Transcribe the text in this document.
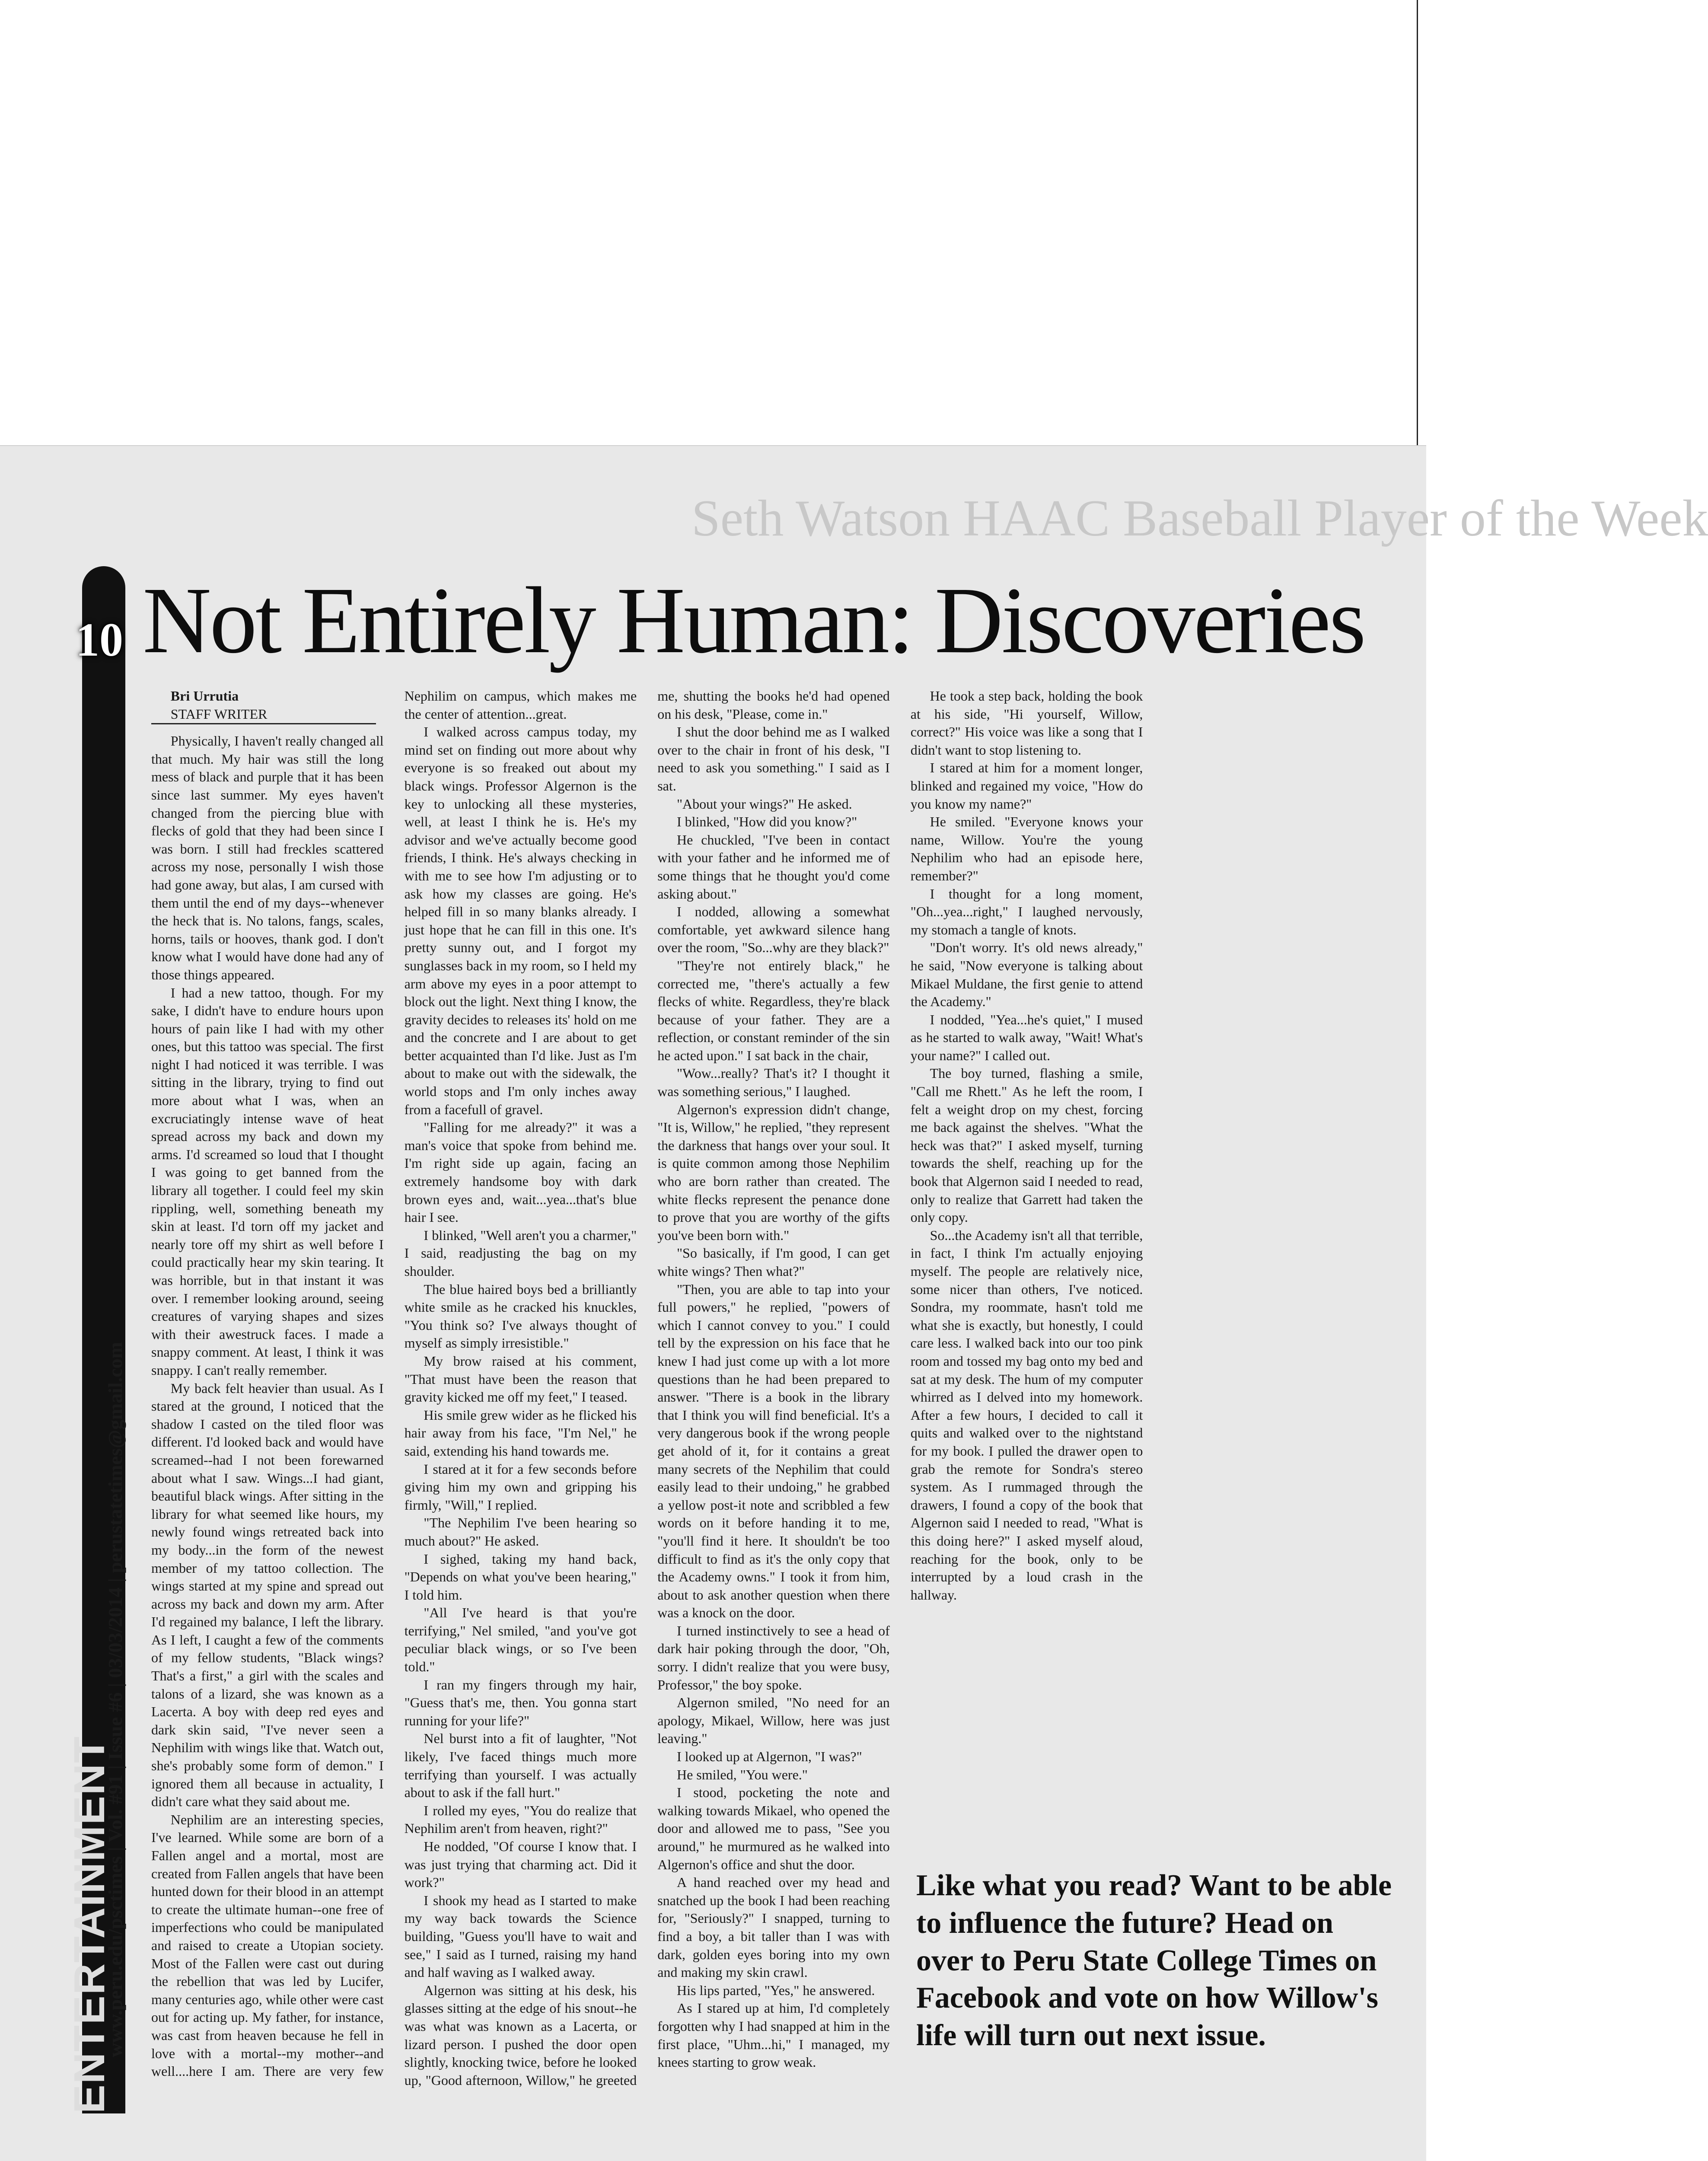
Seth Watson HAAC Baseball Player of the Week
10
ENTERTAINMENT
www.peru.edu/psctimes | Vol. #91 | Issue #6 | 03/03/2014 | perustatetimes@gmail.com
Not Entirely Human: Discoveries

Bri Urrutia

STAFF WRITER

Physically, I haven't really changed all that much. My hair was still the long mess of black and purple that it has been since last summer. My eyes haven't changed from the piercing blue with flecks of gold that they had been since I was born. I still had freckles scattered across my nose, personally I wish those had gone away, but alas, I am cursed with them until the end of my days--whenever the heck that is. No talons, fangs, scales, horns, tails or hooves, thank god. I don't know what I would have done had any of those things appeared.

I had a new tattoo, though. For my sake, I didn't have to endure hours upon hours of pain like I had with my other ones, but this tattoo was special. The first night I had noticed it was terrible. I was sitting in the library, trying to find out more about what I was, when an excruciatingly intense wave of heat spread across my back and down my arms. I'd screamed so loud that I thought I was going to get banned from the library all together. I could feel my skin rippling, well, something beneath my skin at least. I'd torn off my jacket and nearly tore off my shirt as well before I could practically hear my skin tearing. It was horrible, but in that instant it was over. I remember looking around, seeing creatures of varying shapes and sizes with their awestruck faces. I made a snappy comment. At least, I think it was snappy. I can't really remember.

My back felt heavier than usual. As I stared at the ground, I noticed that the shadow I casted on the tiled floor was different. I'd looked back and would have screamed--had I not been forewarned about what I saw. Wings...I had giant, beautiful black wings. After sitting in the library for what seemed like hours, my newly found wings retreated back into my body...in the form of the newest member of my tattoo collection. The wings started at my spine and spread out across my back and down my arm. After I'd regained my balance, I left the library. As I left, I caught a few of the comments of my fellow students, "Black wings? That's a first," a girl with the scales and talons of a lizard, she was known as a Lacerta. A boy with deep red eyes and dark skin said, "I've never seen a Nephilim with wings like that. Watch out, she's probably some form of demon." I ignored them all because in actuality, I didn't care what they said about me.

Nephilim are an interesting species, I've learned. While some are born of a Fallen angel and a mortal, most are created from Fallen angels that have been hunted down for their blood in an attempt to create the ultimate human--one free of imperfections who could be manipulated and raised to create a Utopian society. Most of the Fallen were cast out during the rebellion that was led by Lucifer, many centuries ago, while other were cast out for acting up. My father, for instance, was cast from heaven because he fell in love with a mortal--my mother--and well....here I am. There are very few Nephilim on campus, which makes me the center of attention...great.

I walked across campus today, my mind set on finding out more about why everyone is so freaked out about my black wings. Professor Algernon is the key to unlocking all these mysteries, well, at least I think he is. He's my advisor and we've actually become good friends, I think. He's always checking in with me to see how I'm adjusting or to ask how my classes are going. He's helped fill in so many blanks already. I just hope that he can fill in this one. It's pretty sunny out, and I forgot my sunglasses back in my room, so I held my arm above my eyes in a poor attempt to block out the light. Next thing I know, the gravity decides to releases its' hold on me and the concrete and I are about to get better acquainted than I'd like. Just as I'm about to make out with the sidewalk, the world stops and I'm only inches away from a facefull of gravel.

"Falling for me already?" it was a man's voice that spoke from behind me. I'm right side up again, facing an extremely handsome boy with dark brown eyes and, wait...yea...that's blue hair I see.

I blinked, "Well aren't you a charmer," I said, readjusting the bag on my shoulder.

The blue haired boys bed a brilliantly white smile as he cracked his knuckles, "You think so? I've always thought of myself as simply irresistible."

My brow raised at his comment, "That must have been the reason that gravity kicked me off my feet," I teased.

His smile grew wider as he flicked his hair away from his face, "I'm Nel," he said, extending his hand towards me.

I stared at it for a few seconds before giving him my own and gripping his firmly, "Will," I replied.

"The Nephilim I've been hearing so much about?" He asked.

I sighed, taking my hand back, "Depends on what you've been hearing," I told him.

"All I've heard is that you're terrifying," Nel smiled, "and you've got peculiar black wings, or so I've been told."

I ran my fingers through my hair, "Guess that's me, then. You gonna start running for your life?"

Nel burst into a fit of laughter, "Not likely, I've faced things much more terrifying than yourself. I was actually about to ask if the fall hurt."

I rolled my eyes, "You do realize that Nephilim aren't from heaven, right?"

He nodded, "Of course I know that. I was just trying that charming act. Did it work?"

I shook my head as I started to make my way back towards the Science building, "Guess you'll have to wait and see," I said as I turned, raising my hand and half waving as I walked away.

Algernon was sitting at his desk, his glasses sitting at the edge of his snout--he was what was known as a Lacerta, or lizard person. I pushed the door open slightly, knocking twice, before he looked up, "Good afternoon, Willow," he greeted me, shutting the books he'd had opened on his desk, "Please, come in."

I shut the door behind me as I walked over to the chair in front of his desk, "I need to ask you something." I said as I sat.

"About your wings?" He asked.

I blinked, "How did you know?"

He chuckled, "I've been in contact with your father and he informed me of some things that he thought you'd come asking about."

I nodded, allowing a somewhat comfortable, yet awkward silence hang over the room, "So...why are they black?"

"They're not entirely black," he corrected me, "there's actually a few flecks of white. Regardless, they're black because of your father. They are a reflection, or constant reminder of the sin he acted upon." I sat back in the chair,

"Wow...really? That's it? I thought it was something serious," I laughed.

Algernon's expression didn't change, "It is, Willow," he replied, "they represent the darkness that hangs over your soul. It is quite common among those Nephilim who are born rather than created. The white flecks represent the penance done to prove that you are worthy of the gifts you've been born with."

"So basically, if I'm good, I can get white wings? Then what?"

"Then, you are able to tap into your full powers," he replied, "powers of which I cannot convey to you." I could tell by the expression on his face that he knew I had just come up with a lot more questions than he had been prepared to answer. "There is a book in the library that I think you will find beneficial. It's a very dangerous book if the wrong people get ahold of it, for it contains a great many secrets of the Nephilim that could easily lead to their undoing," he grabbed a yellow post-it note and scribbled a few words on it before handing it to me, "you'll find it here. It shouldn't be too difficult to find as it's the only copy that the Academy owns." I took it from him, about to ask another question when there was a knock on the door.

I turned instinctively to see a head of dark hair poking through the door, "Oh, sorry. I didn't realize that you were busy, Professor," the boy spoke.

Algernon smiled, "No need for an apology, Mikael, Willow, here was just leaving."

I looked up at Algernon, "I was?"

He smiled, "You were."

I stood, pocketing the note and walking towards Mikael, who opened the door and allowed me to pass, "See you around," he murmured as he walked into Algernon's office and shut the door.

A hand reached over my head and snatched up the book I had been reaching for, "Seriously?" I snapped, turning to find a boy, a bit taller than I was with dark, golden eyes boring into my own and making my skin crawl.

His lips parted, "Yes," he answered.

As I stared up at him, I'd completely forgotten why I had snapped at him in the first place, "Uhm...hi," I managed, my knees starting to grow weak.

He took a step back, holding the book at his side, "Hi yourself, Willow, correct?" His voice was like a song that I didn't want to stop listening to.

I stared at him for a moment longer, blinked and regained my voice, "How do you know my name?"

He smiled. "Everyone knows your name, Willow. You're the young Nephilim who had an episode here, remember?"

I thought for a long moment, "Oh...yea...right," I laughed nervously, my stomach a tangle of knots.

"Don't worry. It's old news already," he said, "Now everyone is talking about Mikael Muldane, the first genie to attend the Academy."

I nodded, "Yea...he's quiet," I mused as he started to walk away, "Wait! What's your name?" I called out.

The boy turned, flashing a smile, "Call me Rhett." As he left the room, I felt a weight drop on my chest, forcing me back against the shelves. "What the heck was that?" I asked myself, turning towards the shelf, reaching up for the book that Algernon said I needed to read, only to realize that Garrett had taken the only copy.

So...the Academy isn't all that terrible, in fact, I think I'm actually enjoying myself. The people are relatively nice, some nicer than others, I've noticed. Sondra, my roommate, hasn't told me what she is exactly, but honestly, I could care less. I walked back into our too pink room and tossed my bag onto my bed and sat at my desk. The hum of my computer whirred as I delved into my homework. After a few hours, I decided to call it quits and walked over to the nightstand for my book. I pulled the drawer open to grab the remote for Sondra's stereo system. As I rummaged through the drawers, I found a copy of the book that Algernon said I needed to read, "What is this doing here?" I asked myself aloud, reaching for the book, only to be interrupted by a loud crash in the hallway.

Like what you read? Want to be able to influence the future? Head on over to Peru State College Times on Facebook and vote on how Willow's life will turn out next issue.
